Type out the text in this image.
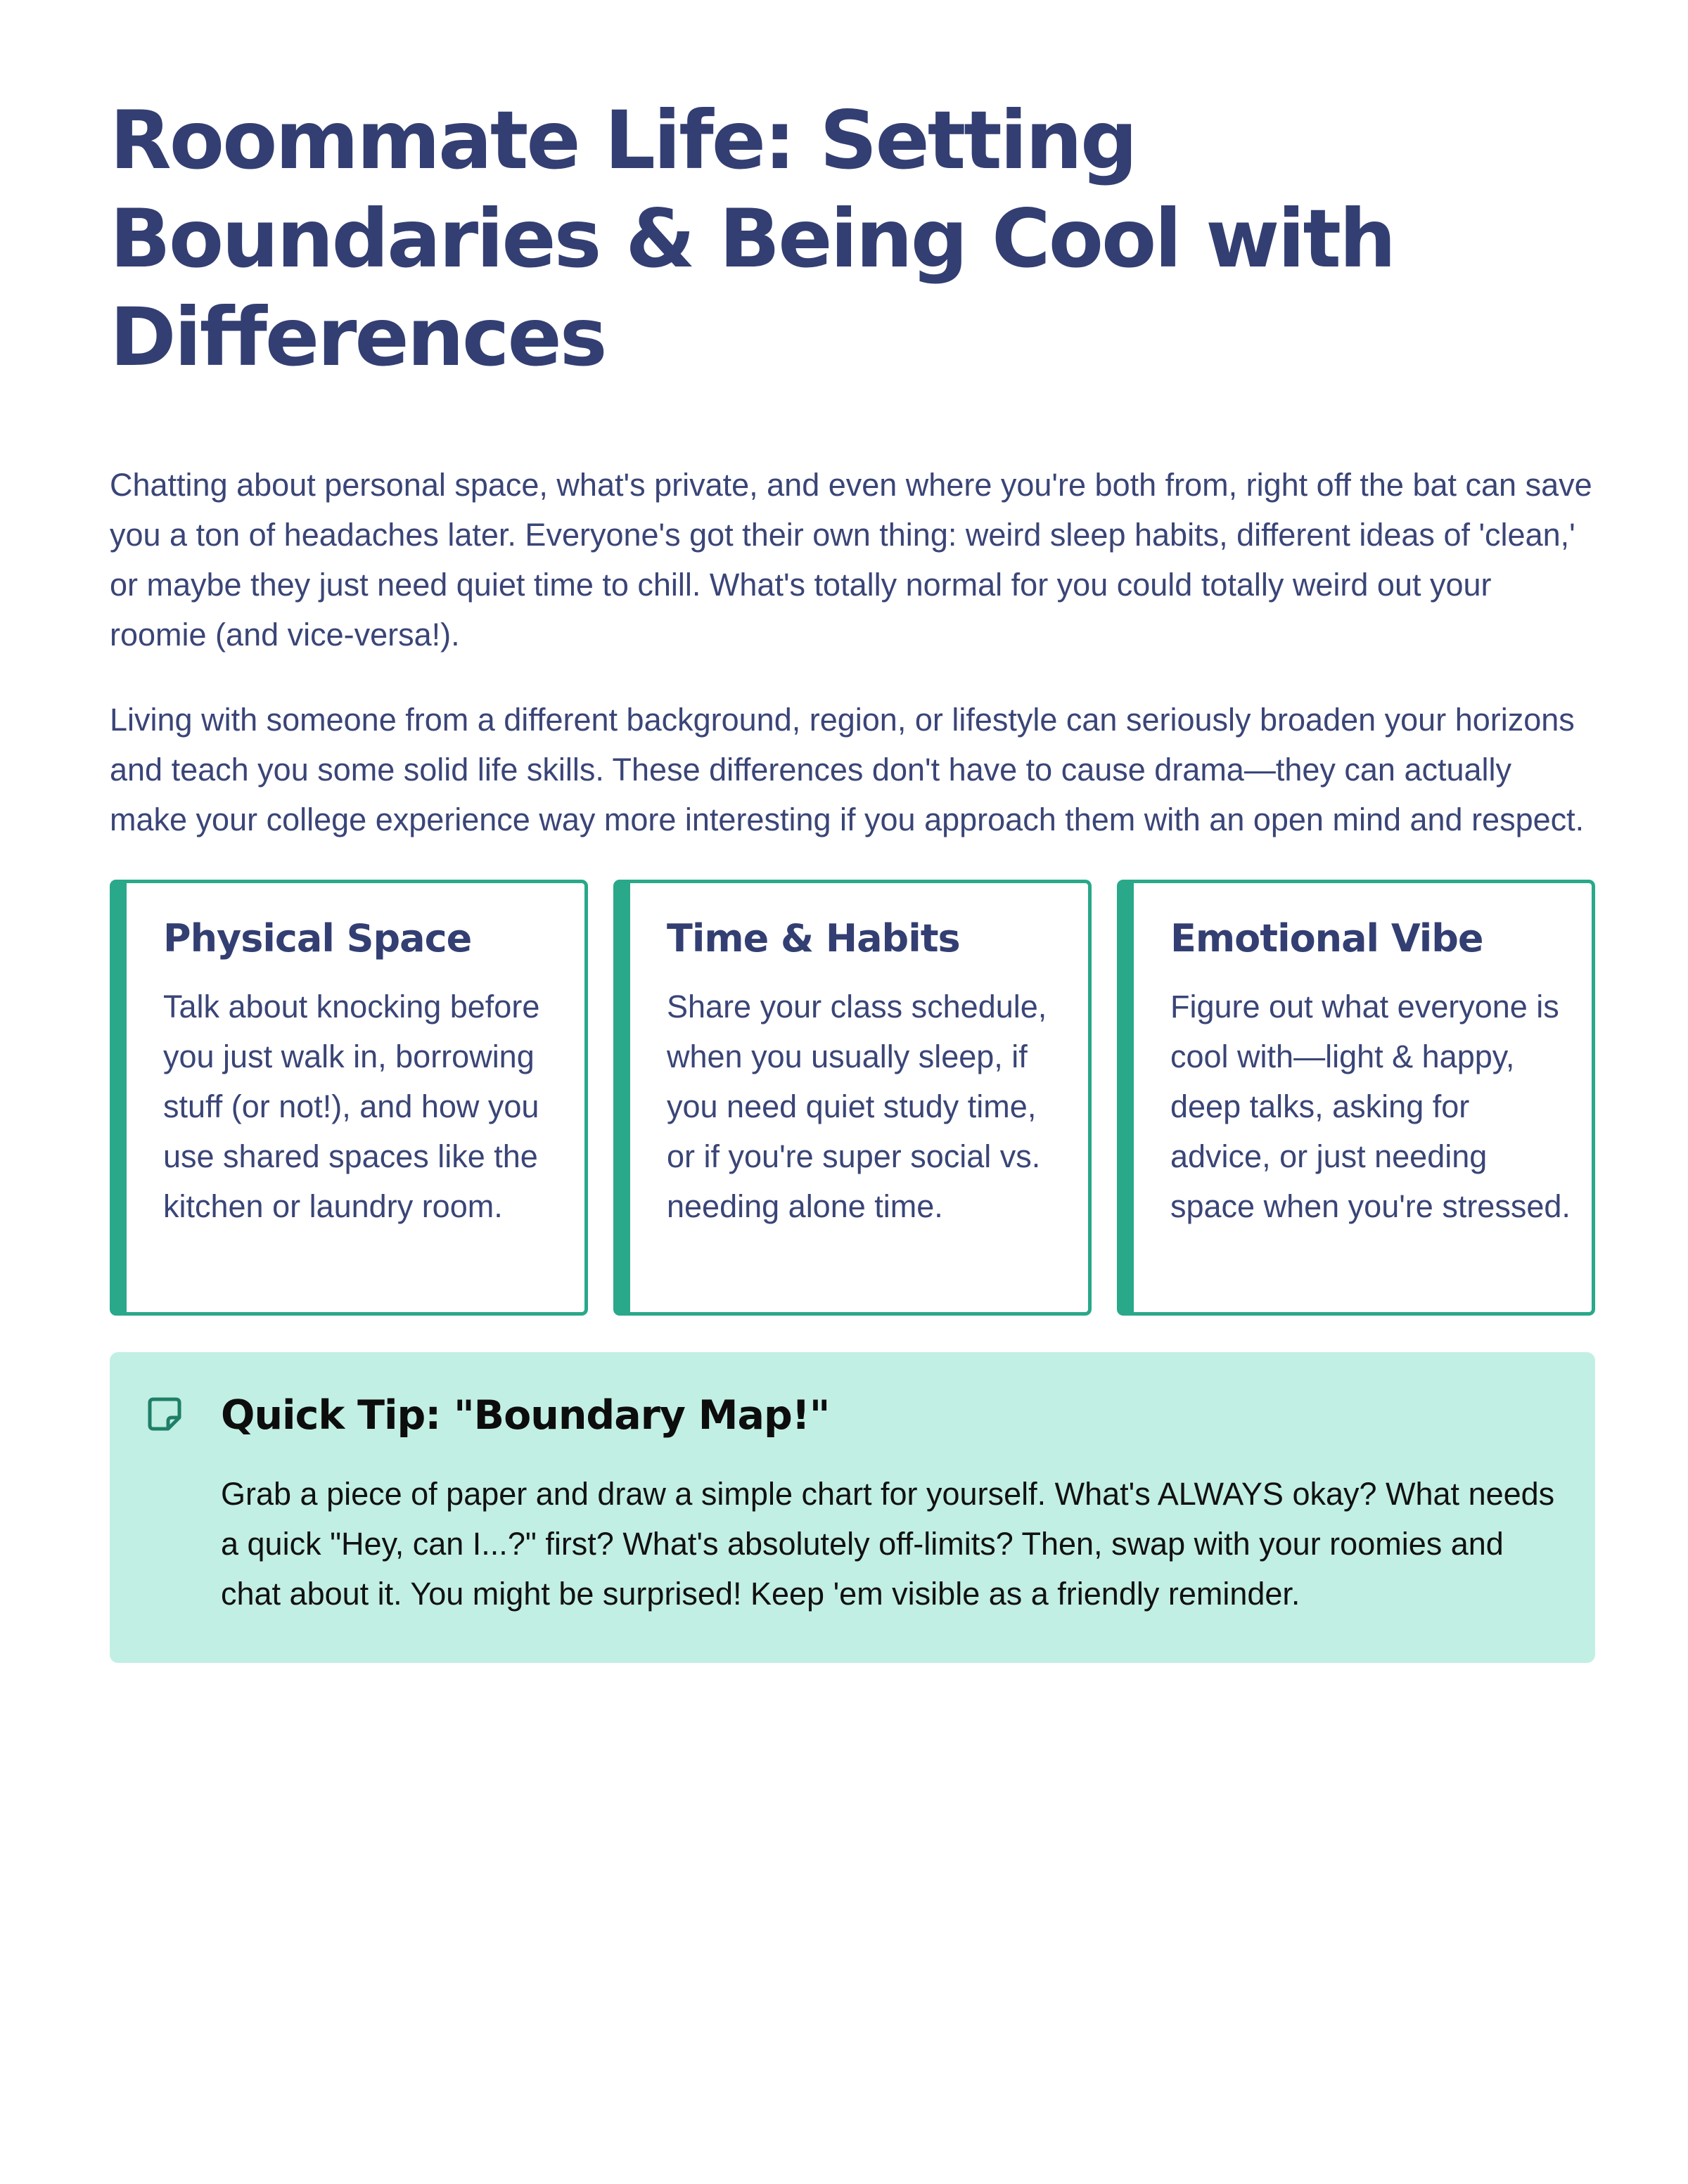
Roommate Life: Setting Boundaries & Being Cool with Differences

Chatting about personal space, what's private, and even where you're both from, right off the bat can save you a ton of headaches later. Everyone's got their own thing: weird sleep habits, different ideas of 'clean,' or maybe they just need quiet time to chill. What's totally normal for you could totally weird out your roomie (and vice-versa!).

Living with someone from a different background, region, or lifestyle can seriously broaden your horizons and teach you some solid life skills. These differences don't have to cause drama—they can actually make your college experience way more interesting if you approach them with an open mind and respect.

Physical Space

Talk about knocking before you just walk in, borrowing stuff (or not!), and how you use shared spaces like the kitchen or laundry room.

Time & Habits

Share your class schedule, when you usually sleep, if you need quiet study time, or if you're super social vs. needing alone time.

Emotional Vibe

Figure out what everyone is cool with—light & happy, deep talks, asking for advice, or just needing space when you're stressed.

Quick Tip: "Boundary Map!"

Grab a piece of paper and draw a simple chart for yourself. What's ALWAYS okay? What needs a quick "Hey, can I...?" first? What's absolutely off-limits? Then, swap with your roomies and chat about it. You might be surprised! Keep 'em visible as a friendly reminder.
